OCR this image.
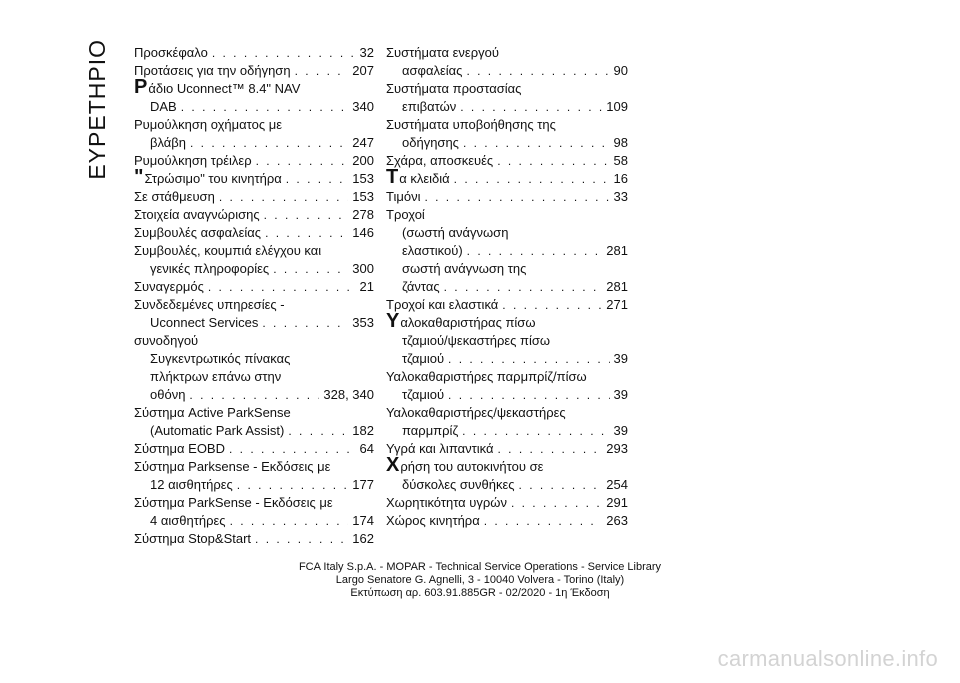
ΕΥΡΕΤΗΡΙΟ Προσκέφαλο . . .	32
Προτάσεις για την οδήγηση . . .	207
Ρ άδιο Uconnect™ 8.4" NAV
DAB . . .	340
Ρυμούλκηση οχήματος με
βλάβη . . .	247
Ρυμούλκηση τρέιλερ . . .	200
" Στρώσιμο" του κινητήρα . . .	153
Σε στάθμευση . . .	153
Στοιχεία αναγνώρισης . . .	278
Συμβουλές ασφαλείας . . .	146
Συμβουλές, κουμπιά ελέγχου και
γενικές πληροφορίες . . .	300
Συναγερμός . . .	21
Συνδεδεμένες υπηρεσίες -
Uconnect Services . . .	353
συνοδηγού
Συγκεντρωτικός πίνακας
πλήκτρων επάνω στην
οθόνη . . .	328, 340
Σύστημα Active ParkSense
(Automatic Park Assist) . . .	182
Σύστημα EOBD . . .	64
Σύστημα Parksense - Εκδόσεις με
12 αισθητήρες . . .	177
Σύστημα ParkSense - Εκδόσεις με
4 αισθητήρες . . .	174
Σύστημα Stop&Start . . .	162
Συστήματα ενεργού
ασφαλείας . . .	90
Συστήματα προστασίας
επιβατών . . .	109
Συστήματα υποβοήθησης της
οδήγησης . . .	98
Σχάρα, αποσκευές . . .	58
Τ α κλειδιά . . .	16
Τιμόνι . . .	33
Τροχοί
(σωστή ανάγνωση
ελαστικού) . . .	281
σωστή ανάγνωση της
ζάντας . . .	281
Τροχοί και ελαστικά . . .	271
Υ αλοκαθαριστήρας πίσω
τζαμιού/ψεκαστήρες πίσω
τζαμιού . . .	39
Υαλοκαθαριστήρες παρμπρίζ/πίσω
τζαμιού . . .	39
Υαλοκαθαριστήρες/ψεκαστήρες
παρμπρίζ . . .	39
Υγρά και λιπαντικά . . .	293
Χ ρήση του αυτοκινήτου σε
δύσκολες συνθήκες . . .	254
Χωρητικότητα υγρών . . .	291
Χώρος κινητήρα . . .	263
FCA Italy S.p.A. - MOPAR - Technical Service Operations - Service Library
Largo Senatore G. Agnelli, 3 - 10040 Volvera - Torino (Italy)
Εκτύπωση αρ. 603.91.885GR - 02/2020 - 1η Έκδοση
carmanualsonline.info
